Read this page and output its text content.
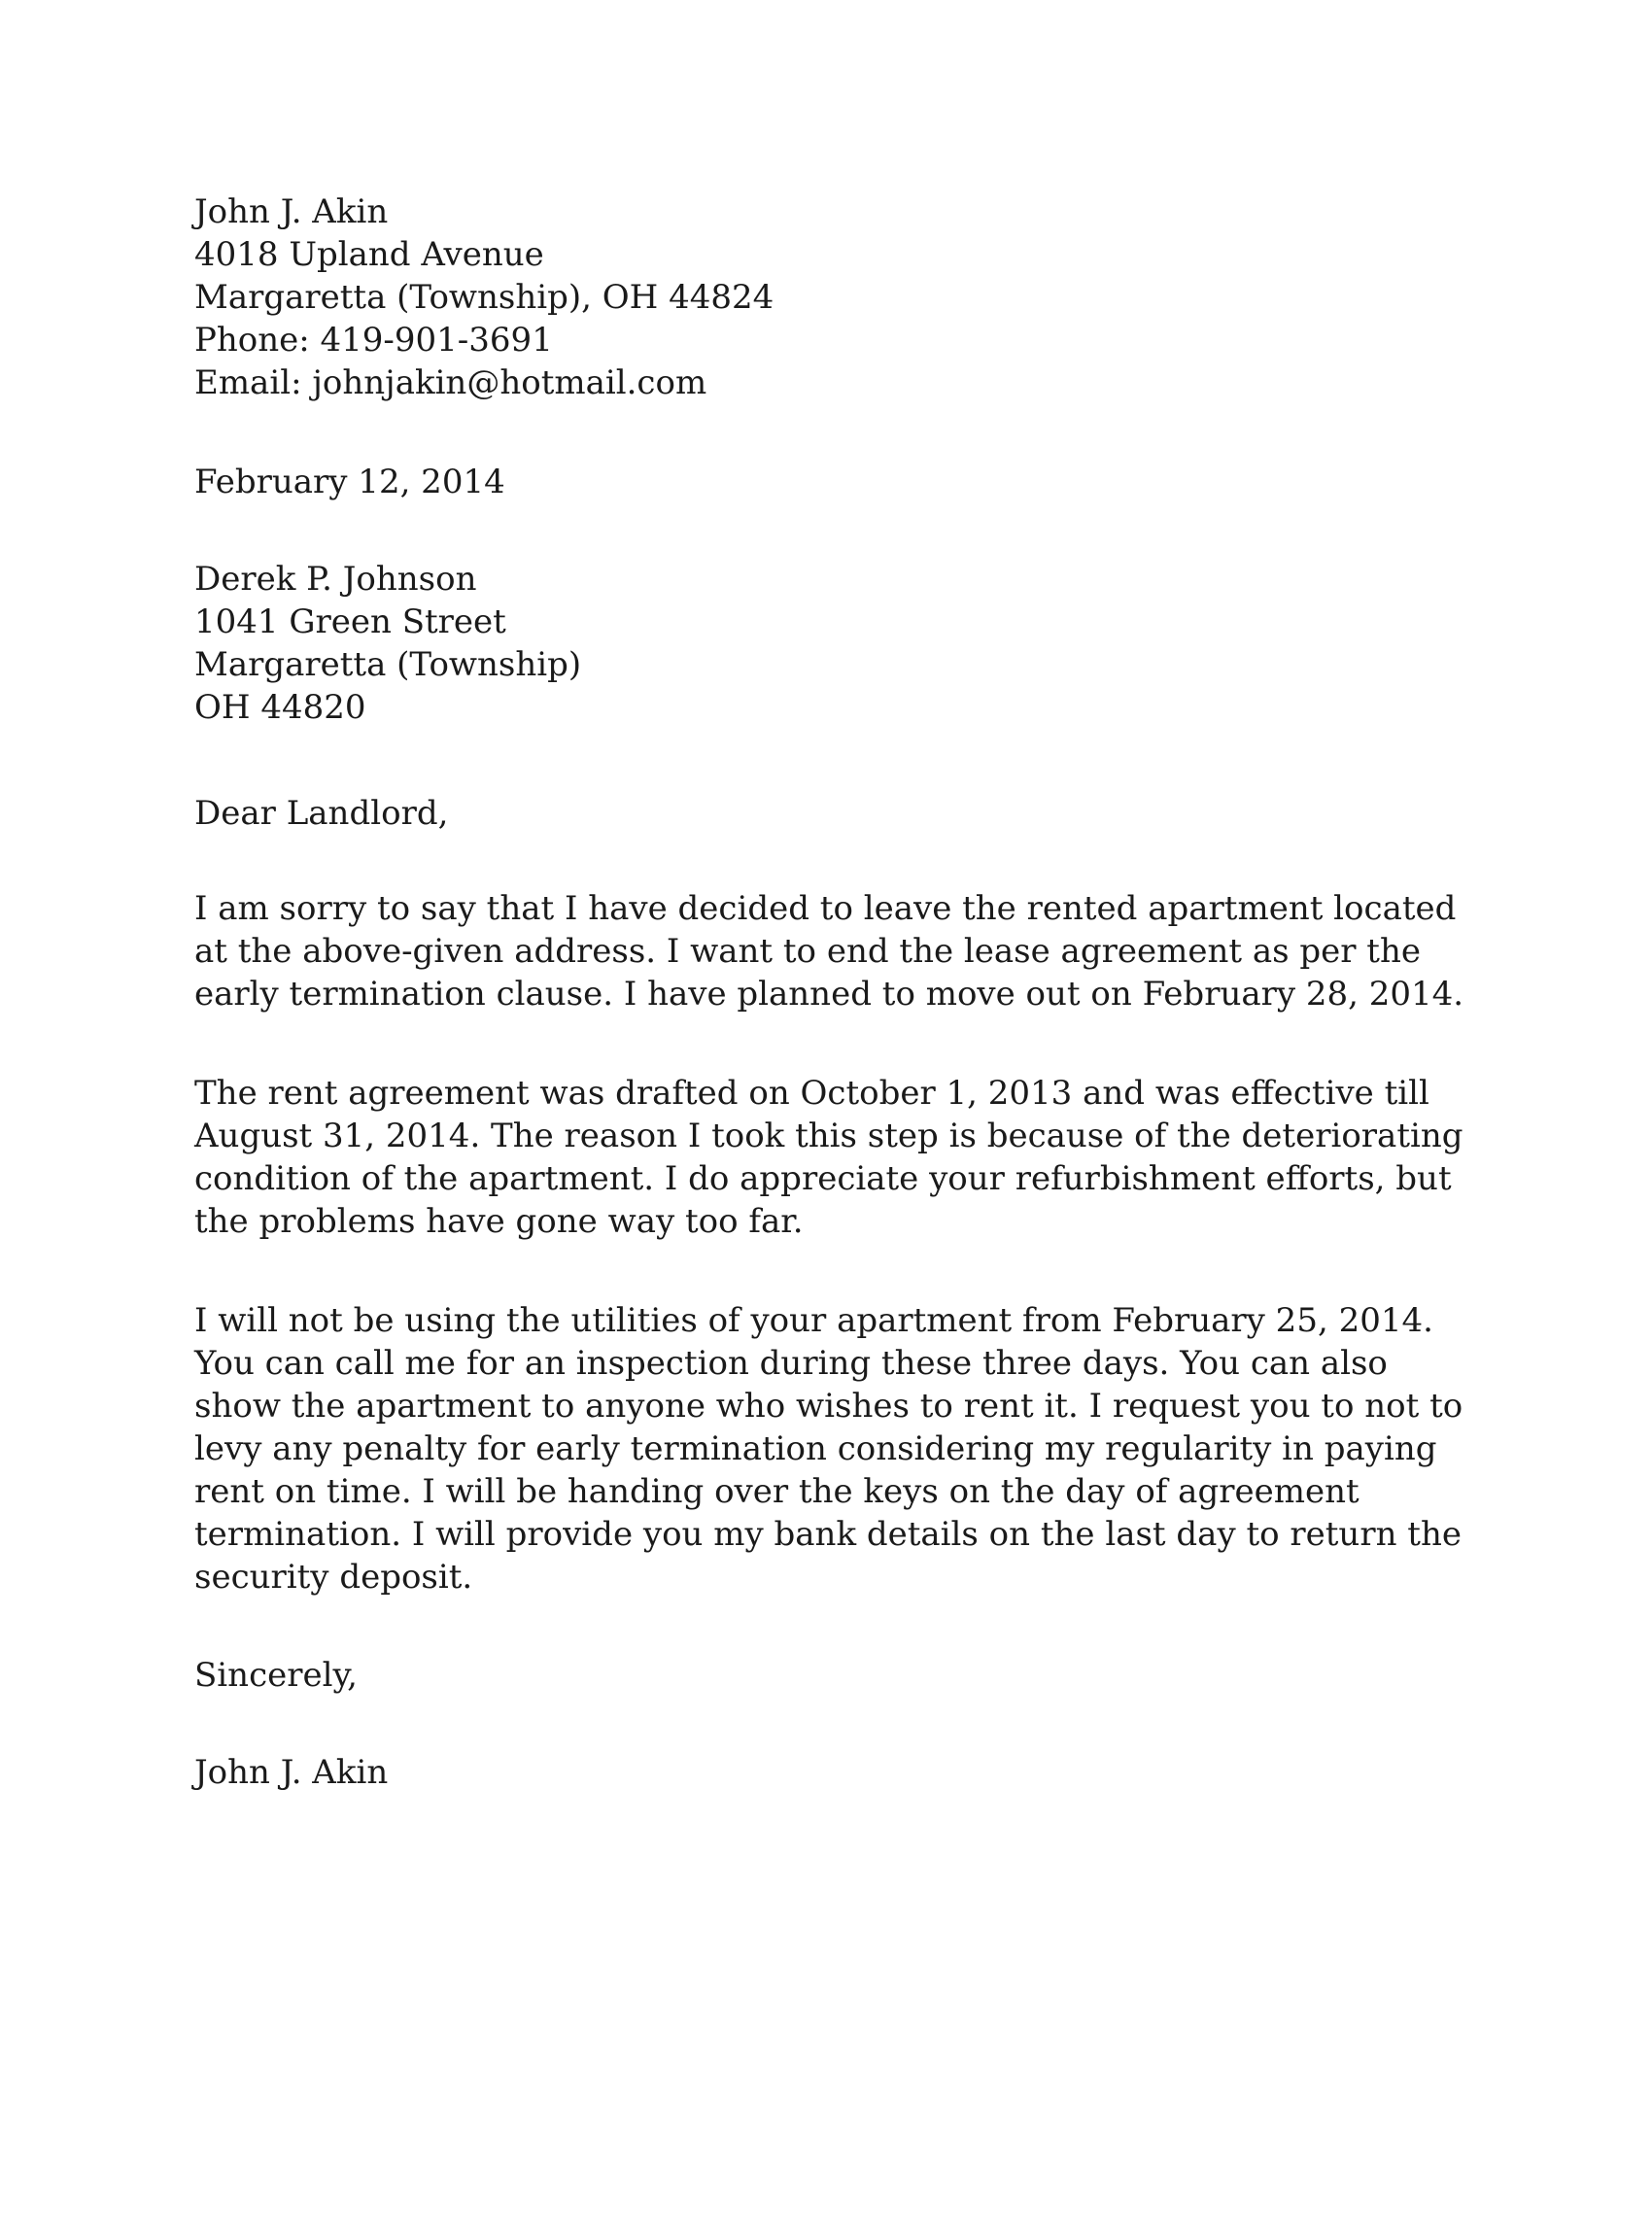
John J. Akin
4018 Upland Avenue
Margaretta (Township), OH 44824
Phone: 419-901-3691
Email: johnjakin@hotmail.com
February 12, 2014
Derek P. Johnson
1041 Green Street
Margaretta (Township)
OH 44820
Dear Landlord,
I am sorry to say that I have decided to leave the rented apartment located
at the above-given address. I want to end the lease agreement as per the
early termination clause. I have planned to move out on February 28, 2014.
The rent agreement was drafted on October 1, 2013 and was effective till
August 31, 2014. The reason I took this step is because of the deteriorating
condition of the apartment. I do appreciate your refurbishment efforts, but
the problems have gone way too far.
I will not be using the utilities of your apartment from February 25, 2014.
You can call me for an inspection during these three days. You can also
show the apartment to anyone who wishes to rent it. I request you to not to
levy any penalty for early termination considering my regularity in paying
rent on time. I will be handing over the keys on the day of agreement
termination. I will provide you my bank details on the last day to return the
security deposit.
Sincerely,
John J. Akin
